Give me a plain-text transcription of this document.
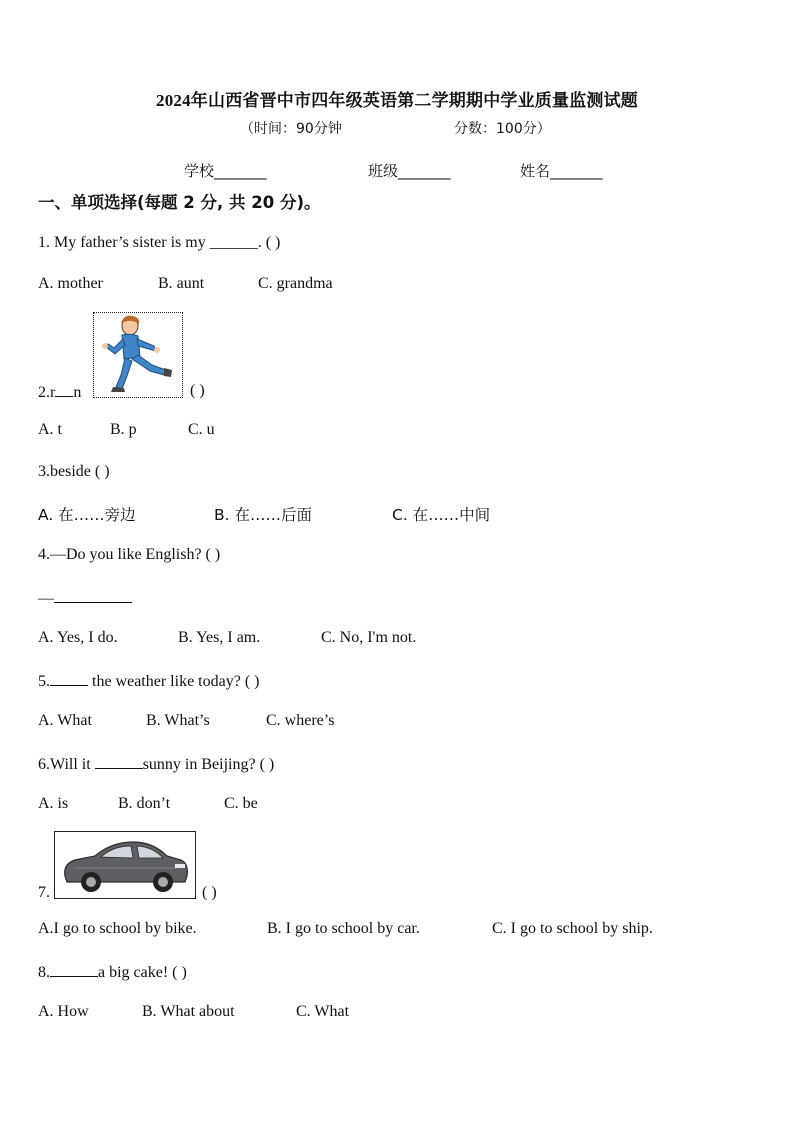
2024年山西省晋中市四年级英语第二学期期中学业质量监测试题
（时间：90分钟	分数：100分）
学校_______	班级_______	姓名_______
一、单项选择(每题 2 分, 共 20 分)。
1. My father’s sister is my ______. ( )
A. mother	B. aunt	C. grandma
2.r n	( )
A. t	B. p	C. u
3.beside ( )
A. 在……旁边	B. 在……后面	C. 在……中间
4.—Do you like English? ( )
—
A. Yes, I do.	B. Yes, I am.	C. No, I'm not.
5.	the weather like today? ( )
A. What	B. What’s	C. where’s
6.Will it	sunny in Beijing? ( )
A. is	B. don’t	C. be
7.	( )
A.I go to school by bike.	B. I go to school by car.	C. I go to school by ship.
8.	a big cake! ( )
A. How	B. What about	C. What
